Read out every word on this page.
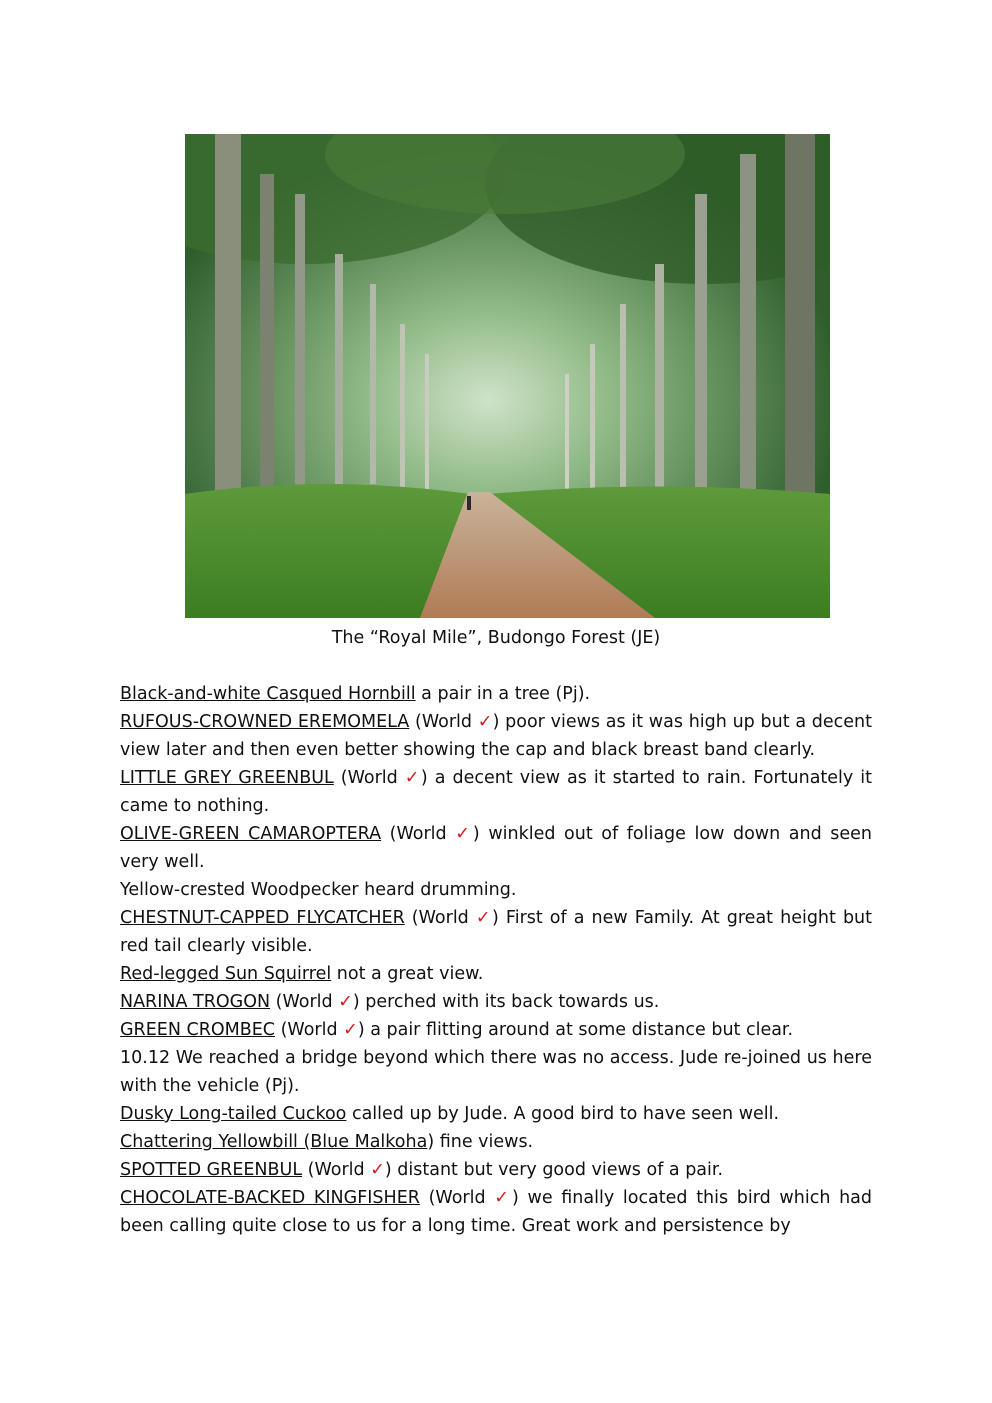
The “Royal Mile”, Budongo Forest (JE)

Black-and-white Casqued Hornbill a pair in a tree (Pj).

RUFOUS-CROWNED EREMOMELA (World ✓) poor views as it was high up but a decent view later and then even better showing the cap and black breast band clearly.

LITTLE GREY GREENBUL (World ✓) a decent view as it started to rain. Fortunately it came to nothing.

OLIVE-GREEN CAMAROPTERA (World ✓) winkled out of foliage low down and seen very well.

Yellow-crested Woodpecker heard drumming.

CHESTNUT-CAPPED FLYCATCHER (World ✓) First of a new Family. At great height but red tail clearly visible.

Red-legged Sun Squirrel not a great view.

NARINA TROGON (World ✓) perched with its back towards us.

GREEN CROMBEC (World ✓) a pair flitting around at some distance but clear.

10.12 We reached a bridge beyond which there was no access. Jude re-joined us here with the vehicle (Pj).

Dusky Long-tailed Cuckoo called up by Jude. A good bird to have seen well.

Chattering Yellowbill (Blue Malkoha) fine views.

SPOTTED GREENBUL (World ✓) distant but very good views of a pair.

CHOCOLATE-BACKED KINGFISHER (World ✓) we finally located this bird which had been calling quite close to us for a long time. Great work and persistence by
